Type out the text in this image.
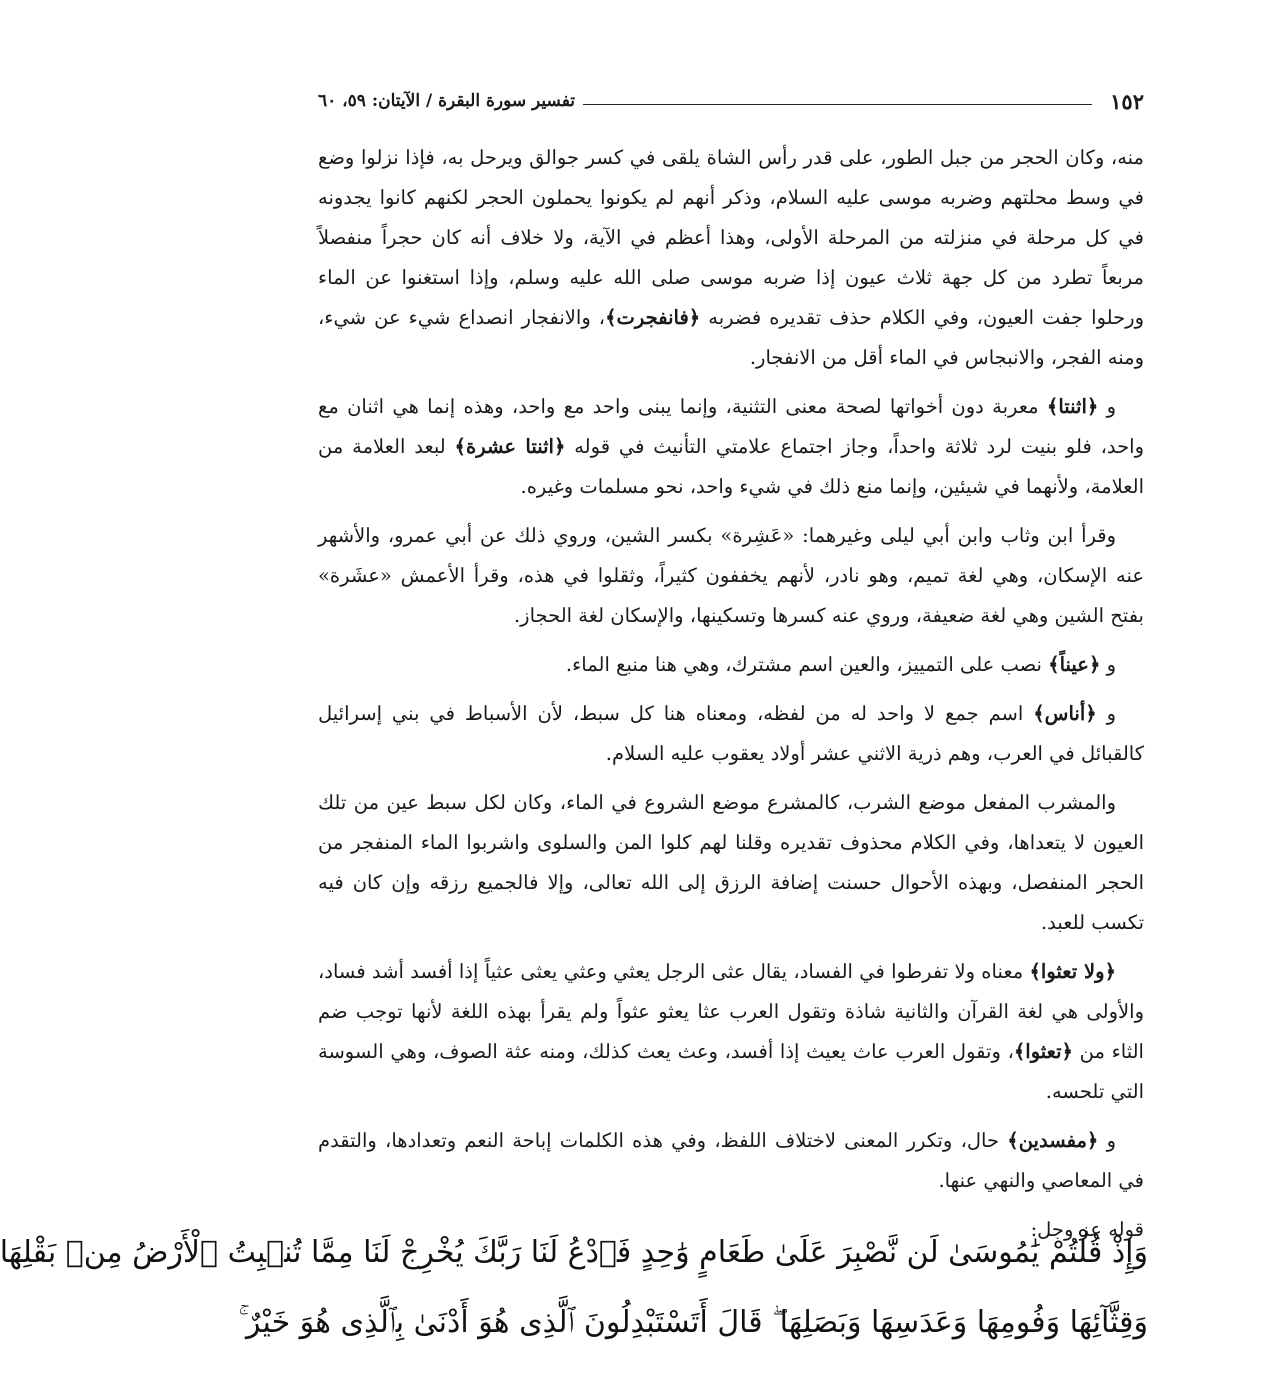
١٥٢
تفسير سورة البقرة / الآيتان: ٥٩، ٦٠

منه، وكان الحجر من جبل الطور، على قدر رأس الشاة يلقى في كسر جوالق ويرحل به، فإذا نزلوا وضع في وسط محلتهم وضربه موسى عليه السلام، وذكر أنهم لم يكونوا يحملون الحجر لكنهم كانوا يجدونه في كل مرحلة في منزلته من المرحلة الأولى، وهذا أعظم في الآية، ولا خلاف أنه كان حجراً منفصلاً مربعاً تطرد من كل جهة ثلاث عيون إذا ضربه موسى صلى الله عليه وسلم، وإذا استغنوا عن الماء ورحلوا جفت العيون، وفي الكلام حذف تقديره فضربه ﴿فانفجرت﴾، والانفجار انصداع شيء عن شيء، ومنه الفجر، والانبجاس في الماء أقل من الانفجار.

و ﴿اثنتا﴾ معربة دون أخواتها لصحة معنى التثنية، وإنما يبنى واحد مع واحد، وهذه إنما هي اثنان مع واحد، فلو بنيت لرد ثلاثة واحداً، وجاز اجتماع علامتي التأنيث في قوله ﴿اثنتا عشرة﴾ لبعد العلامة من العلامة، ولأنهما في شيئين، وإنما منع ذلك في شيء واحد، نحو مسلمات وغيره.

وقرأ ابن وثاب وابن أبي ليلى وغيرهما: «عَشِرة» بكسر الشين، وروي ذلك عن أبي عمرو، والأشهر عنه الإسكان، وهي لغة تميم، وهو نادر، لأنهم يخففون كثيراً، وثقلوا في هذه، وقرأ الأعمش «عشَرة» بفتح الشين وهي لغة ضعيفة، وروي عنه كسرها وتسكينها، والإسكان لغة الحجاز.

و ﴿عيناً﴾ نصب على التمييز، والعين اسم مشترك، وهي هنا منبع الماء.

و ﴿أناس﴾ اسم جمع لا واحد له من لفظه، ومعناه هنا كل سبط، لأن الأسباط في بني إسرائيل كالقبائل في العرب، وهم ذرية الاثني عشر أولاد يعقوب عليه السلام.

والمشرب المفعل موضع الشرب، كالمشرع موضع الشروع في الماء، وكان لكل سبط عين من تلك العيون لا يتعداها، وفي الكلام محذوف تقديره وقلنا لهم كلوا المن والسلوى واشربوا الماء المنفجر من الحجر المنفصل، وبهذه الأحوال حسنت إضافة الرزق إلى الله تعالى، وإلا فالجميع رزقه وإن كان فيه تكسب للعبد.

﴿ولا تعثوا﴾ معناه ولا تفرطوا في الفساد، يقال عثى الرجل يعثي وعثي يعثى عثياً إذا أفسد أشد فساد، والأولى هي لغة القرآن والثانية شاذة وتقول العرب عثا يعثو عثواً ولم يقرأ بهذه اللغة لأنها توجب ضم الثاء من ﴿تعثوا﴾، وتقول العرب عاث يعيث إذا أفسد، وعث يعث كذلك، ومنه عثة الصوف، وهي السوسة التي تلحسه.

و ﴿مفسدين﴾ حال، وتكرر المعنى لاختلاف اللفظ، وفي هذه الكلمات إباحة النعم وتعدادها، والتقدم في المعاصي والنهي عنها.

قوله عز وجل:

وَإِذْ قُلْتُمْ يَٰمُوسَىٰ لَن نَّصْبِرَ عَلَىٰ طَعَامٍ وَٰحِدٍ فَٱدْعُ لَنَا رَبَّكَ يُخْرِجْ لَنَا مِمَّا تُنۢبِتُ ٱلْأَرْضُ مِنۢ بَقْلِهَا
وَقِثَّآئِهَا وَفُومِهَا وَعَدَسِهَا وَبَصَلِهَا ۖ قَالَ أَتَسْتَبْدِلُونَ ٱلَّذِى هُوَ أَدْنَىٰ بِٱلَّذِى هُوَ خَيْرٌ ۚ
